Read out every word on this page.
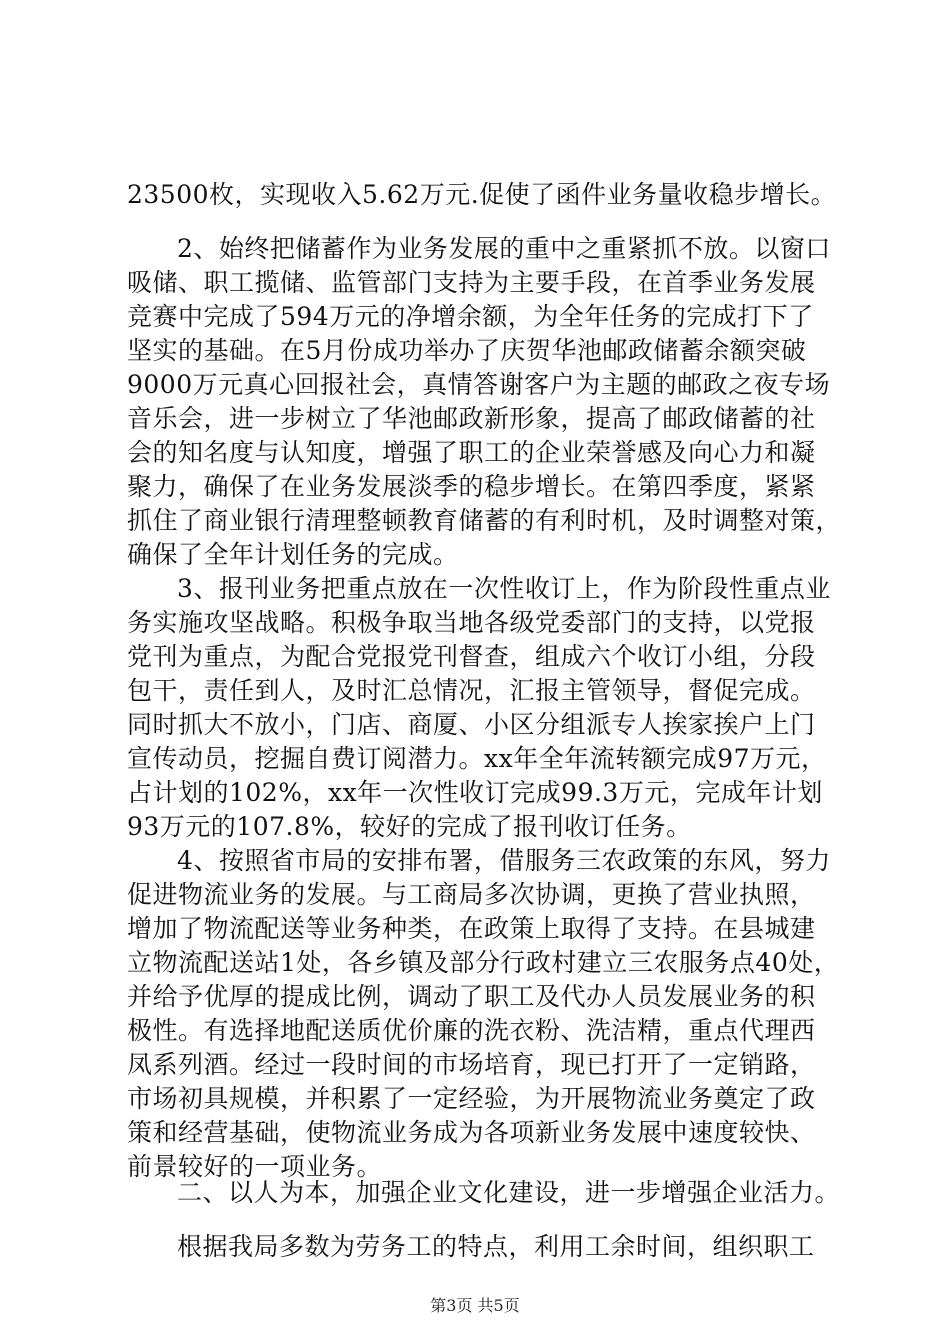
23500枚，实现收入5.62万元.促使了函件业务量收稳步增长。
2、始终把储蓄作为业务发展的重中之重紧抓不放。以窗口
吸储、职工揽储、监管部门支持为主要手段，在首季业务发展
竞赛中完成了594万元的净增余额，为全年任务的完成打下了
坚实的基础。在5月份成功举办了庆贺华池邮政储蓄余额突破
9000万元真心回报社会，真情答谢客户为主题的邮政之夜专场
音乐会，进一步树立了华池邮政新形象，提高了邮政储蓄的社
会的知名度与认知度，增强了职工的企业荣誉感及向心力和凝
聚力，确保了在业务发展淡季的稳步增长。在第四季度，紧紧
抓住了商业银行清理整顿教育储蓄的有利时机，及时调整对策，
确保了全年计划任务的完成。
3、报刊业务把重点放在一次性收订上，作为阶段性重点业
务实施攻坚战略。积极争取当地各级党委部门的支持，以党报
党刊为重点，为配合党报党刊督查，组成六个收订小组，分段
包干，责任到人，及时汇总情况，汇报主管领导，督促完成。
同时抓大不放小，门店、商厦、小区分组派专人挨家挨户上门
宣传动员，挖掘自费订阅潜力。xx年全年流转额完成97万元，
占计划的102%，xx年一次性收订完成99.3万元，完成年计划
93万元的107.8%，较好的完成了报刊收订任务。
4、按照省市局的安排布署，借服务三农政策的东风，努力
促进物流业务的发展。与工商局多次协调，更换了营业执照，
增加了物流配送等业务种类，在政策上取得了支持。在县城建
立物流配送站1处，各乡镇及部分行政村建立三农服务点40处，
并给予优厚的提成比例，调动了职工及代办人员发展业务的积
极性。有选择地配送质优价廉的洗衣粉、洗洁精，重点代理西
凤系列酒。经过一段时间的市场培育，现已打开了一定销路，
市场初具规模，并积累了一定经验，为开展物流业务奠定了政
策和经营基础，使物流业务成为各项新业务发展中速度较快、
前景较好的一项业务。
二、以人为本，加强企业文化建设，进一步增强企业活力。
根据我局多数为劳务工的特点，利用工余时间，组织职工
第3页 共5页
